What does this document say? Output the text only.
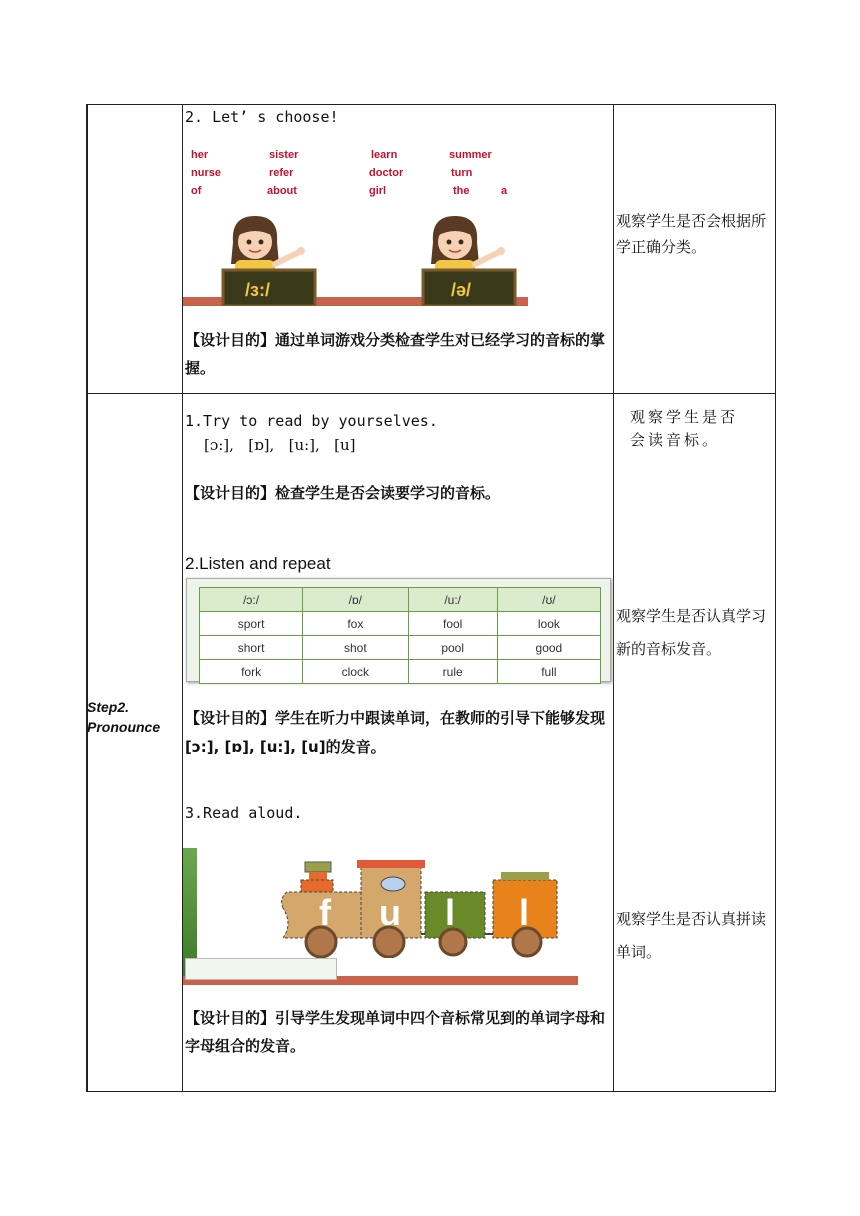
2. Let’ s choose!
her	sister	learn	summer
nurse	refer	doctor	turn
of	about	girl	the	a
/ɜ:/	/ə/
【设计目的】通过单词游戏分类检查学生对已经学习的音标的掌握。
观察学生是否会根据所学正确分类。
Step2.
Pronounce
1.Try to read by yourselves.
[ɔ:],   [ɒ],   [u:],   [u]
【设计目的】检查学生是否会读要学习的音标。
观察学生是否会读音标。
2.Listen and repeat
/ɔ:/	/ɒ/	/u:/	/ʊ/
sport	fox	fool	look
short	shot	pool	good
fork	clock	rule	full
【设计目的】学生在听力中跟读单词，在教师的引导下能够发现[ɔ:], [ɒ], [u:], [u]的发音。
观察学生是否认真学习新的音标发音。
3.Read aloud.
f u l l
【设计目的】引导学生发现单词中四个音标常见到的单词字母和字母组合的发音。
观察学生是否认真拼读单词。
